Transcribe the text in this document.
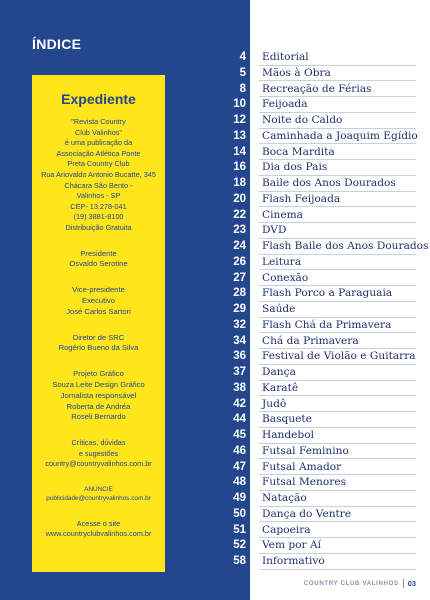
ÍNDICE
Expediente
"Revista Country
Club Valinhos"
é uma publicação da
Associação Atlética Ponte
Preta Country Club
Rua Ariovaldo Antonio Bucatte, 345
Chácara São Bento -
Valinhos - SP
CEP- 13.278-041
(19) 3881-8100
Distribuição Gratuita
Presidente
Osvaldo Serotine
Vice-presidente
Executivo
José Carlos Sartori
Diretor de SRC
Rogério Bueno da Silva
Projeto Gráfico
Souza Leite Design Gráfico
Jornalista responsável
Roberta de Andréa
Roseli Bernardo
Críticas, dúvidas
e sugestões
country@countryvalinhos.com.br
ANUNCIE
publicidade@countryvalinhos.com.br
Acesse o site
www.countryclubvalinhos.com.br
4 Editorial
5 Mãos à Obra
8 Recreação de Férias
10 Feijoada
12 Noite do Caldo
13 Caminhada a Joaquim Egídio
14 Boca Mardita
16 Dia dos Pais
18 Baile dos Anos Dourados
20 Flash Feijoada
22 Cinema
23 DVD
24 Flash Baile dos Anos Dourados
26 Leitura
27 Conexão
28 Flash Porco a Paraguaia
29 Saúde
32 Flash Chá da Primavera
34 Chá da Primavera
36 Festival de Violão e Guitarra
37 Dança
38 Karatê
42 Judô
44 Basquete
45 Handebol
46 Futsal Feminino
47 Futsal Amador
48 Futsal Menores
49 Natação
50 Dança do Ventre
51 Capoeira
52 Vem por Aí
58 Informativo
COUNTRY CLUB VALINHOS 03
